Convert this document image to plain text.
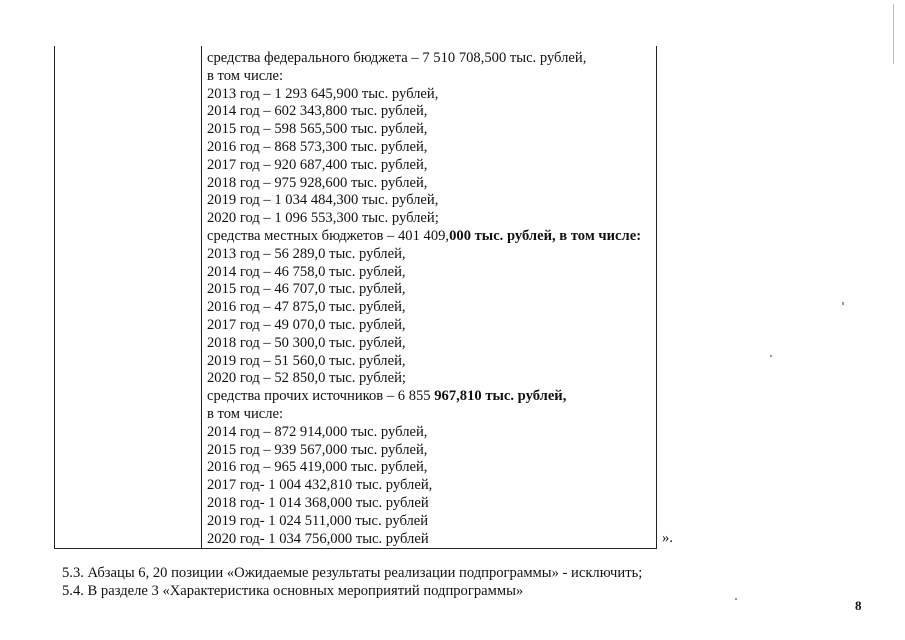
средства федерального бюджета – 7 510 708,500 тыс. рублей,
в том числе:
2013 год – 1 293 645,900 тыс. рублей,
2014 год – 602 343,800 тыс. рублей,
2015 год – 598 565,500 тыс. рублей,
2016 год – 868 573,300 тыс. рублей,
2017 год – 920 687,400 тыс. рублей,
2018 год – 975 928,600 тыс. рублей,
2019 год – 1 034 484,300 тыс. рублей,
2020 год – 1 096 553,300 тыс. рублей;
средства местных бюджетов – 401 409,000 тыс. рублей, в том числе:
2013 год – 56 289,0 тыс. рублей,
2014 год – 46 758,0 тыс. рублей,
2015 год – 46 707,0 тыс. рублей,
2016 год – 47 875,0 тыс. рублей,
2017 год – 49 070,0 тыс. рублей,
2018 год – 50 300,0 тыс. рублей,
2019 год – 51 560,0 тыс. рублей,
2020 год – 52 850,0 тыс. рублей;
средства прочих источников – 6 855 967,810 тыс. рублей,
в том числе:
2014 год – 872 914,000 тыс. рублей,
2015 год – 939 567,000 тыс. рублей,
2016 год – 965 419,000 тыс. рублей,
2017 год- 1 004 432,810 тыс. рублей,
2018 год- 1 014 368,000 тыс. рублей
2019 год- 1 024 511,000 тыс. рублей
2020 год- 1 034 756,000 тыс. рублей	».
5.3. Абзацы 6, 20 позиции «Ожидаемые результаты реализации подпрограммы» - исключить;
5.4. В разделе 3 «Характеристика основных мероприятий подпрограммы»
8
